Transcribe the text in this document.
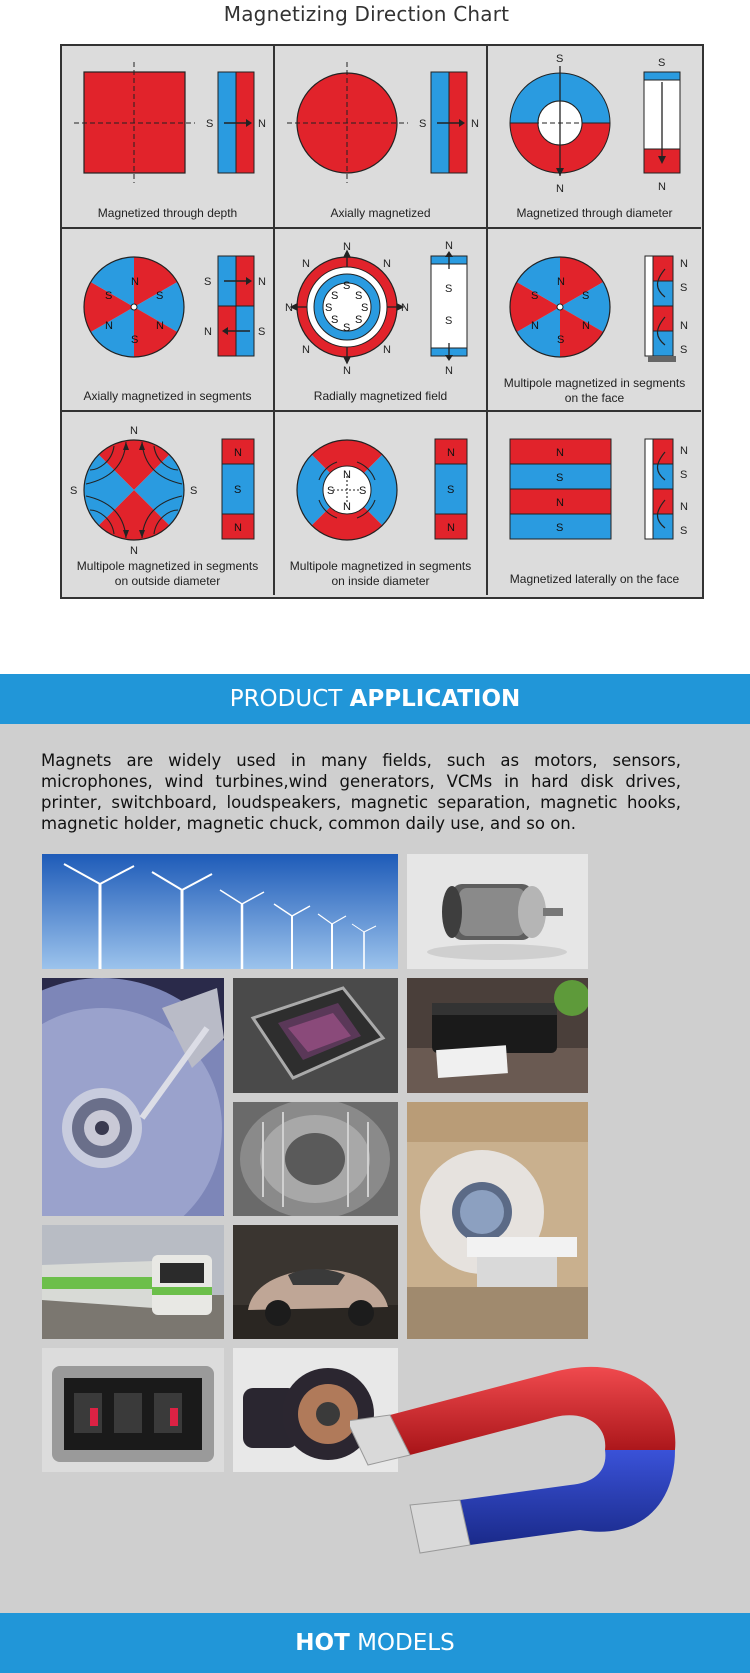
Magnetizing Direction Chart
S	N
Magnetized through depth
S	N
Axially magnetized
S
N
S
N
Magnetized through diameter
N
S	S
N	N
S
S	N
N	S
Axially magnetized in segments
S
S
S	S
S S
S S
N
N
N	N
N	N
N	N
S
S
N
N
Radially magnetized field
N
S	S
N	N
S
N
S
N
S
Multipole magnetized in segments
on the face
N
N
S	S
N
S
N
Multipole magnetized in segments
on outside diameter
N
N
S S
N
S
N
Multipole magnetized in segments
on inside diameter
N
S
N
S
N
S
N
S
Magnetized laterally on the face
PRODUCT APPLICATION
Magnets are widely used in many fields, such as motors, sensors, microphones, wind turbines,wind generators, VCMs in hard disk drives, printer, switchboard, loudspeakers, magnetic separation, magnetic hooks, magnetic holder, magnetic chuck, common daily use, and so on.
HOT MODELS
